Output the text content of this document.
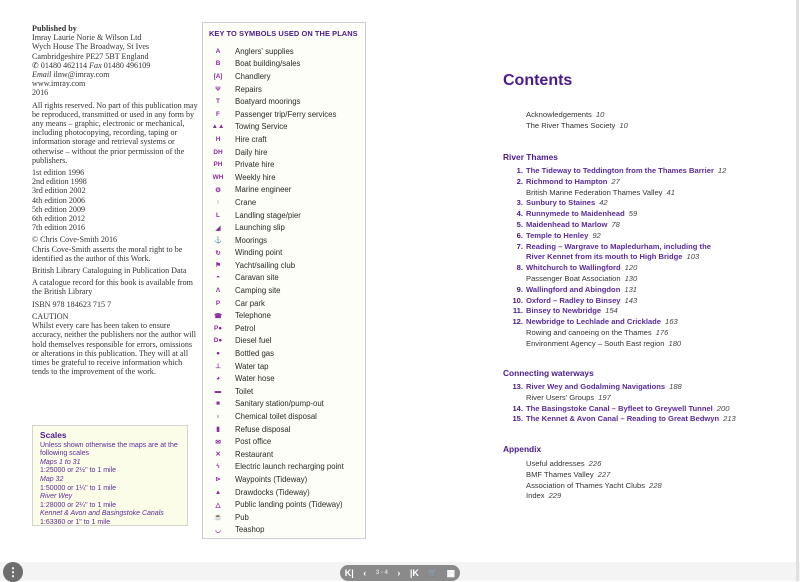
Published by

Imray Laurie Norie & Wilson Ltd
Wych House The Broadway, St Ives
Cambridgeshire PE27 5BT England
✆ 01480 462114 Fax 01480 496109
Email ilnw@imray.com
www.imray.com

2016

All rights reserved. No part of this publication may be reproduced, transmitted or used in any form by any means – graphic, electronic or mechanical, including photocopying, recording, taping or information storage and retrieval systems or otherwise – without the prior permission of the publishers.

1st edition 1996
2nd edition 1998
3rd edition 2002
4th edition 2006
5th edition 2009
6th edition 2012
7th edition 2016

© Chris Cove-Smith 2016

Chris Cove-Smith asserts the moral right to be identified as the author of this Work.

British Library Cataloguing in Publication Data

A catalogue record for this book is available from the British Library

ISBN 978 184623 715 7

CAUTION

Whilst every care has been taken to ensure accuracy, neither the publishers nor the author will hold themselves responsible for errors, omissions or alterations in this publication. They will at all times be grateful to receive information which tends to the improvement of the work.

Scales
Unless shown otherwise the maps are at the following scales
Maps 1 to 31
1:25000 or 2½" to 1 mile
Map 32
1:50000 or 1¼" to 1 mile
River Wey
1:28000 or 2¼" to 1 mile
Kennet & Avon and Basingstoke Canals
1:63360 or 1" to 1 mile
KEY TO SYMBOLS USED ON THE PLANS
A	Anglers' supplies
B	Boat building/sales
[A]	Chandlery
Ψ	Repairs
T	Boatyard moorings
F	Passenger trip/Ferry services
▲▲	Towing Service
H	Hire craft
DH	Daily hire
PH	Private hire
WH	Weekly hire
⚙	Marine engineer
↑	Crane
L	Landling stage/pier
◢	Launching slip
⚓	Moorings
↻	Winding point
⚑	Yacht/sailing club
◓	Caravan site
Λ	Camping site
P	Car park
☎	Telephone
P●	Petrol
D●	Diesel fuel
●	Bottled gas
⊥	Water tap
◕	Water hose
▬	Toilet
■	Sanitary station/pump-out
♁	Chemical toilet disposal
▮	Refuse disposal
✉	Post office
✕	Restaurant
ϟ	Electric launch recharging point
⊳	Waypoints (Tideway)
▲	Drawdocks (Tideway)
△	Public landing points (Tideway)
☕	Pub
◡	Teashop
Contents
Acknowledgements 10
The River Thames Society 10
River Thames
1. The Tideway to Teddington from the Thames Barrier 12
2. Richmond to Hampton 27
British Marine Federation Thames Valley 41
3. Sunbury to Staines 42
4. Runnymede to Maidenhead 59
5. Maidenhead to Marlow 78
6. Temple to Henley 92
7. Reading – Wargrave to Mapledurham, including the
River Kennet from its mouth to High Bridge 103
8. Whitchurch to Wallingford 120
Passenger Boat Association 130
9. Wallingford and Abingdon 131
10. Oxford – Radley to Binsey 143
11. Binsey to Newbridge 154
12. Newbridge to Lechlade and Cricklade 163
Rowing and canoeing on the Thames 176
Environment Agency – South East region 180
Connecting waterways
13. River Wey and Godalming Navigations 188
River Users' Groups 197
14. The Basingstoke Canal – Byfleet to Greywell Tunnel 200
15. The Kennet & Avon Canal – Reading to Great Bedwyn 213
Appendix
Useful addresses 226
BMF Thames Valley 227
Association of Thames Yacht Clubs 228
Index 229
⋮	K| ‹ 3 - 4 › |K 🛒 ▦
